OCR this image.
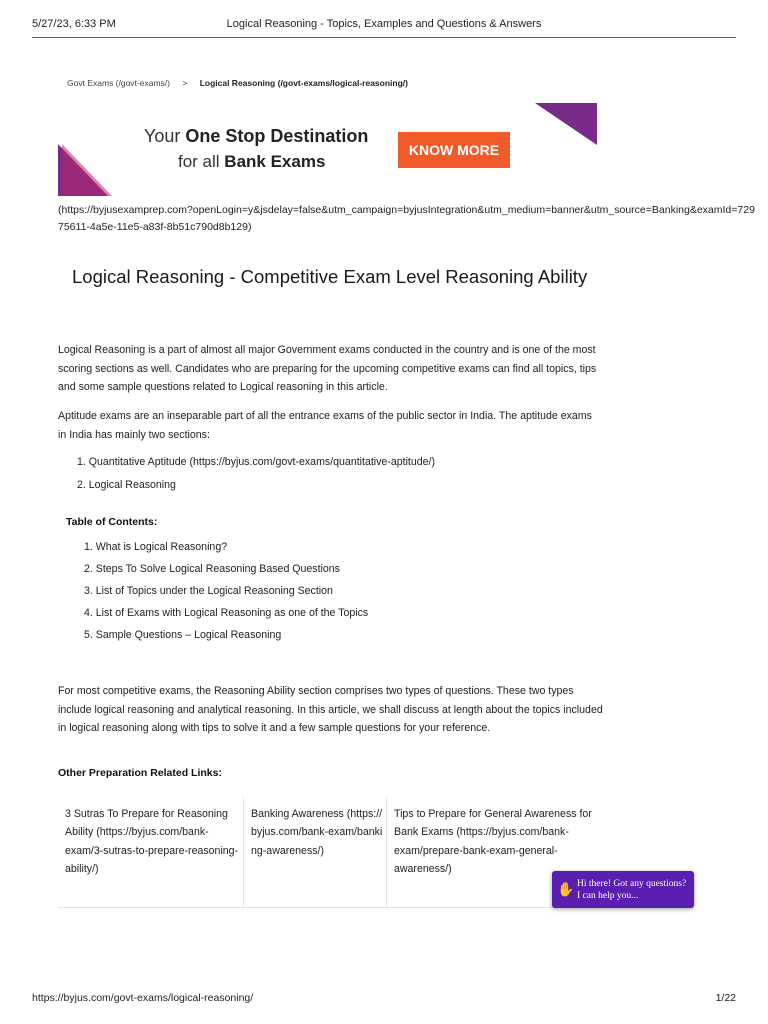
5/27/23, 6:33 PM	Logical Reasoning - Topics, Examples and Questions & Answers
Govt Exams (/govt-exams/) > Logical Reasoning (/govt-exams/logical-reasoning/)
Your One Stop Destination
for all Bank Exams
KNOW MORE
(https://byjusexamprep.com?openLogin=y&jsdelay=false&utm_campaign=byjusIntegration&utm_medium=banner&utm_source=Banking&examId=72975611-4a5e-11e5-a83f-8b51c790d8b129)
Logical Reasoning - Competitive Exam Level Reasoning Ability
Logical Reasoning is a part of almost all major Government exams conducted in the country and is one of the most scoring sections as well. Candidates who are preparing for the upcoming competitive exams can find all topics, tips and some sample questions related to Logical reasoning in this article.
Aptitude exams are an inseparable part of all the entrance exams of the public sector in India. The aptitude exams in India has mainly two sections:
1. Quantitative Aptitude (https://byjus.com/govt-exams/quantitative-aptitude/)
2. Logical Reasoning
Table of Contents:
1. What is Logical Reasoning?
2. Steps To Solve Logical Reasoning Based Questions
3. List of Topics under the Logical Reasoning Section
4. List of Exams with Logical Reasoning as one of the Topics
5. Sample Questions – Logical Reasoning
For most competitive exams, the Reasoning Ability section comprises two types of questions. These two types include logical reasoning and analytical reasoning. In this article, we shall discuss at length about the topics included in logical reasoning along with tips to solve it and a few sample questions for your reference.
Other Preparation Related Links:
3 Sutras To Prepare for Reasoning Ability (https://byjus.com/bank-exam/3-sutras-to-prepare-reasoning-ability/)
Banking Awareness (https://byjus.com/bank-exam/banking-awareness/)
Tips to Prepare for General Awareness for Bank Exams (https://byjus.com/bank-exam/prepare-bank-exam-general-awareness/)
✋ Hi there! Got any questions?
I can help you...
https://byjus.com/govt-exams/logical-reasoning/	1/22
